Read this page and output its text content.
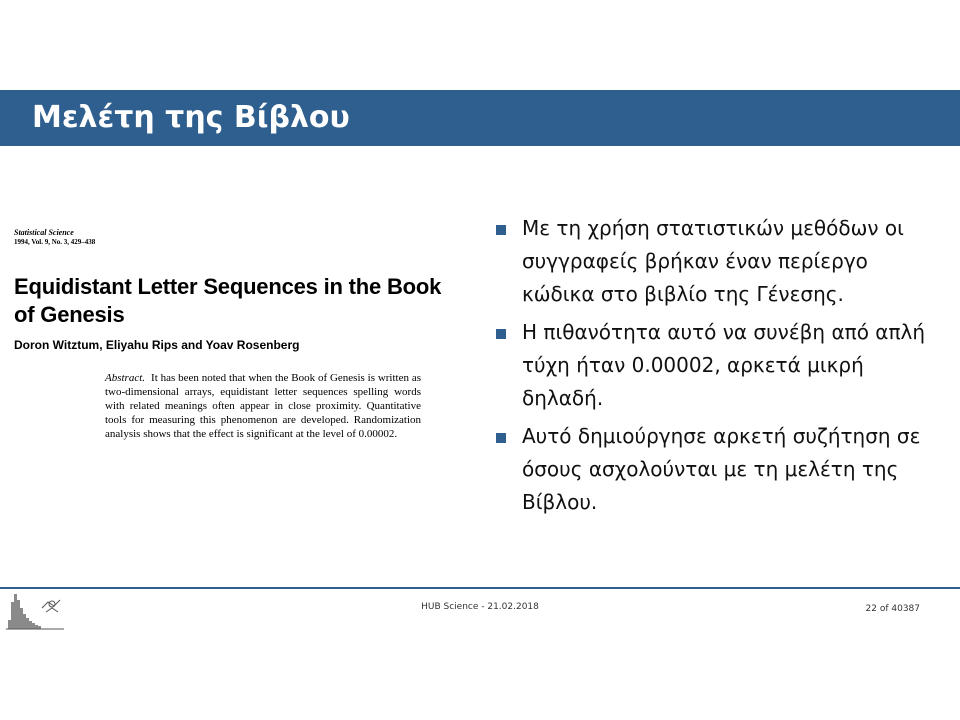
Μελέτη της Βίβλου
Statistical Science
1994, Vol. 9, No. 3, 429–438
Equidistant Letter Sequences in the Book of Genesis
Doron Witztum, Eliyahu Rips and Yoav Rosenberg
Abstract. It has been noted that when the Book of Genesis is written as two-dimensional arrays, equidistant letter sequences spelling words with related meanings often appear in close proximity. Quantitative tools for measuring this phenomenon are developed. Randomization analysis shows that the effect is significant at the level of 0.00002.
Με τη χρήση στατιστικών μεθόδων οι συγγραφείς βρήκαν έναν περίεργο κώδικα στο βιβλίο της Γένεσης.
Η πιθανότητα αυτό να συνέβη από απλή τύχη ήταν 0.00002, αρκετά μικρή δηλαδή.
Αυτό δημιούργησε αρκετή συζήτηση σε όσους ασχολούνται με τη μελέτη της Βίβλου.
HUB Science - 21.02.2018	22 of 40387
